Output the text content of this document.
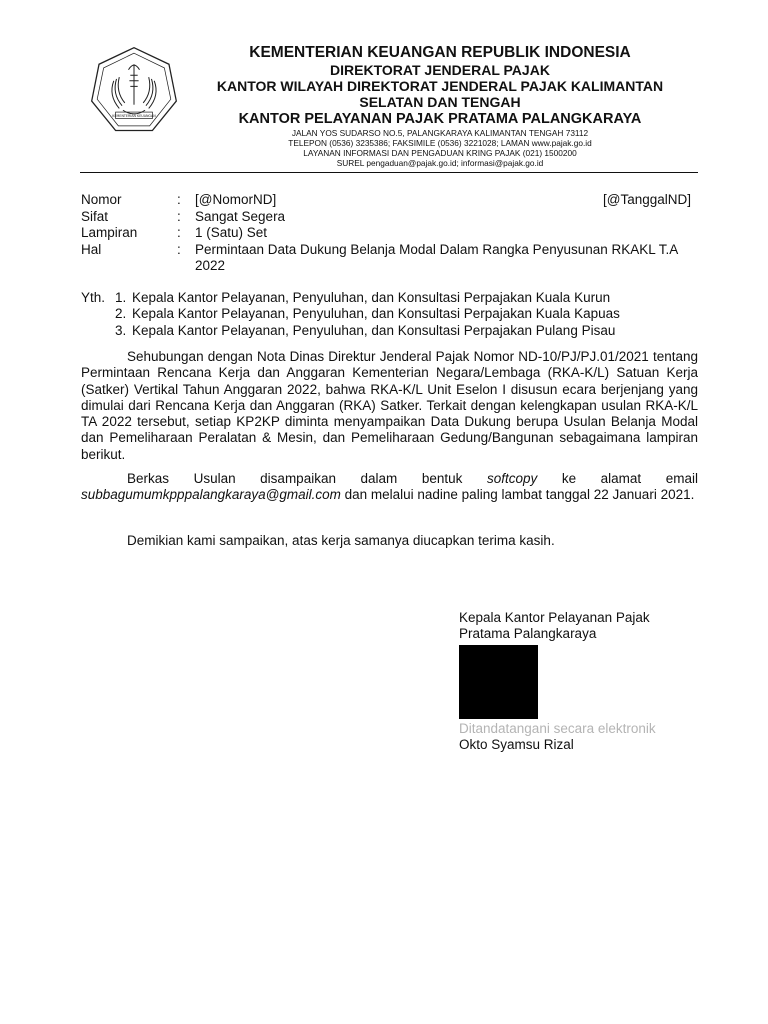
KEMENTERIAN KEUANGAN
KEMENTERIAN KEUANGAN REPUBLIK INDONESIA
DIREKTORAT JENDERAL PAJAK
KANTOR WILAYAH DIREKTORAT JENDERAL PAJAK KALIMANTAN
SELATAN DAN TENGAH
KANTOR PELAYANAN PAJAK PRATAMA PALANGKARAYA
JALAN YOS SUDARSO NO.5, PALANGKARAYA KALIMANTAN TENGAH 73112
TELEPON (0536) 3235386; FAKSIMILE (0536) 3221028; LAMAN www.pajak.go.id
LAYANAN INFORMASI DAN PENGADUAN KRING PAJAK (021) 1500200
SUREL pengaduan@pajak.go.id; informasi@pajak.go.id
Nomor	:	[@NomorND]	[@TanggalND]
Sifat	:	Sangat Segera
Lampiran	:	1 (Satu) Set
Hal	:	Permintaan Data Dukung Belanja Modal Dalam Rangka Penyusunan RKAKL T.A 2022
Yth. 1. Kepala Kantor Pelayanan, Penyuluhan, dan Konsultasi Perpajakan Kuala Kurun
2. Kepala Kantor Pelayanan, Penyuluhan, dan Konsultasi Perpajakan Kuala Kapuas
3. Kepala Kantor Pelayanan, Penyuluhan, dan Konsultasi Perpajakan Pulang Pisau

Sehubungan dengan Nota Dinas Direktur Jenderal Pajak Nomor ND-10/PJ/PJ.01/2021 tentang Permintaan Rencana Kerja dan Anggaran Kementerian Negara/Lembaga (RKA-K/L) Satuan Kerja (Satker) Vertikal Tahun Anggaran 2022, bahwa RKA-K/L Unit Eselon I disusun ecara berjenjang yang dimulai dari Rencana Kerja dan Anggaran (RKA) Satker. Terkait dengan kelengkapan usulan RKA-K/L TA 2022 tersebut, setiap KP2KP diminta menyampaikan Data Dukung berupa Usulan Belanja Modal dan Pemeliharaan Peralatan & Mesin, dan Pemeliharaan Gedung/Bangunan sebagaimana lampiran berikut.

Berkas Usulan disampaikan dalam bentuk softcopy ke alamat email subbagumumkpppalangkaraya@gmail.com dan melalui nadine paling lambat tanggal 22 Januari 2021.

Demikian kami sampaikan, atas kerja samanya diucapkan terima kasih.

Kepala Kantor Pelayanan Pajak
Pratama Palangkaraya
Ditandatangani secara elektronik
Okto Syamsu Rizal
